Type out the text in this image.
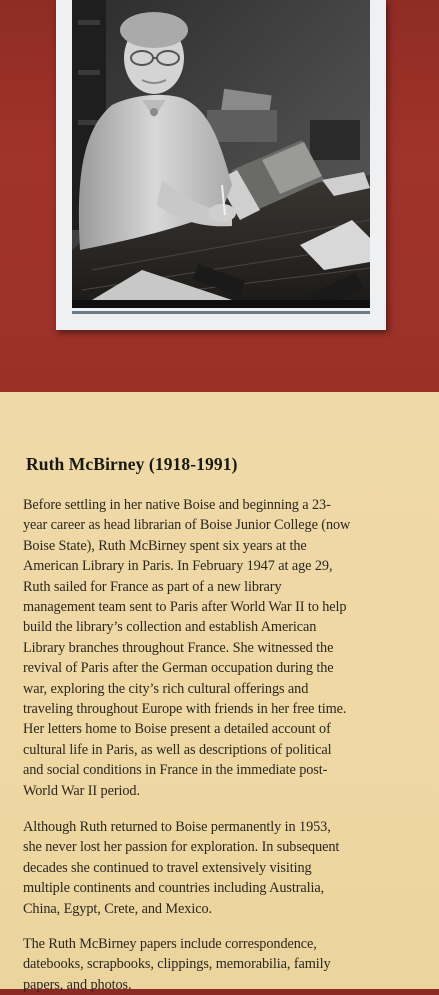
Ruth McBirney (1918-1991)
Before settling in her native Boise and beginning a 23-
year career as head librarian of Boise Junior College (now
Boise State), Ruth McBirney spent six years at the
American Library in Paris. In February 1947 at age 29,
Ruth sailed for France as part of a new library
management team sent to Paris after World War II to help
build the library’s collection and establish American
Library branches throughout France. She witnessed the
revival of Paris after the German occupation during the
war, exploring the city’s rich cultural offerings and
traveling throughout Europe with friends in her free time.
Her letters home to Boise present a detailed account of
cultural life in Paris, as well as descriptions of political
and social conditions in France in the immediate post-
World War II period.
Although Ruth returned to Boise permanently in 1953,
she never lost her passion for exploration. In subsequent
decades she continued to travel extensively visiting
multiple continents and countries including Australia,
China, Egypt, Crete, and Mexico.
The Ruth McBirney papers include correspondence,
datebooks, scrapbooks, clippings, memorabilia, family
papers, and photos.
